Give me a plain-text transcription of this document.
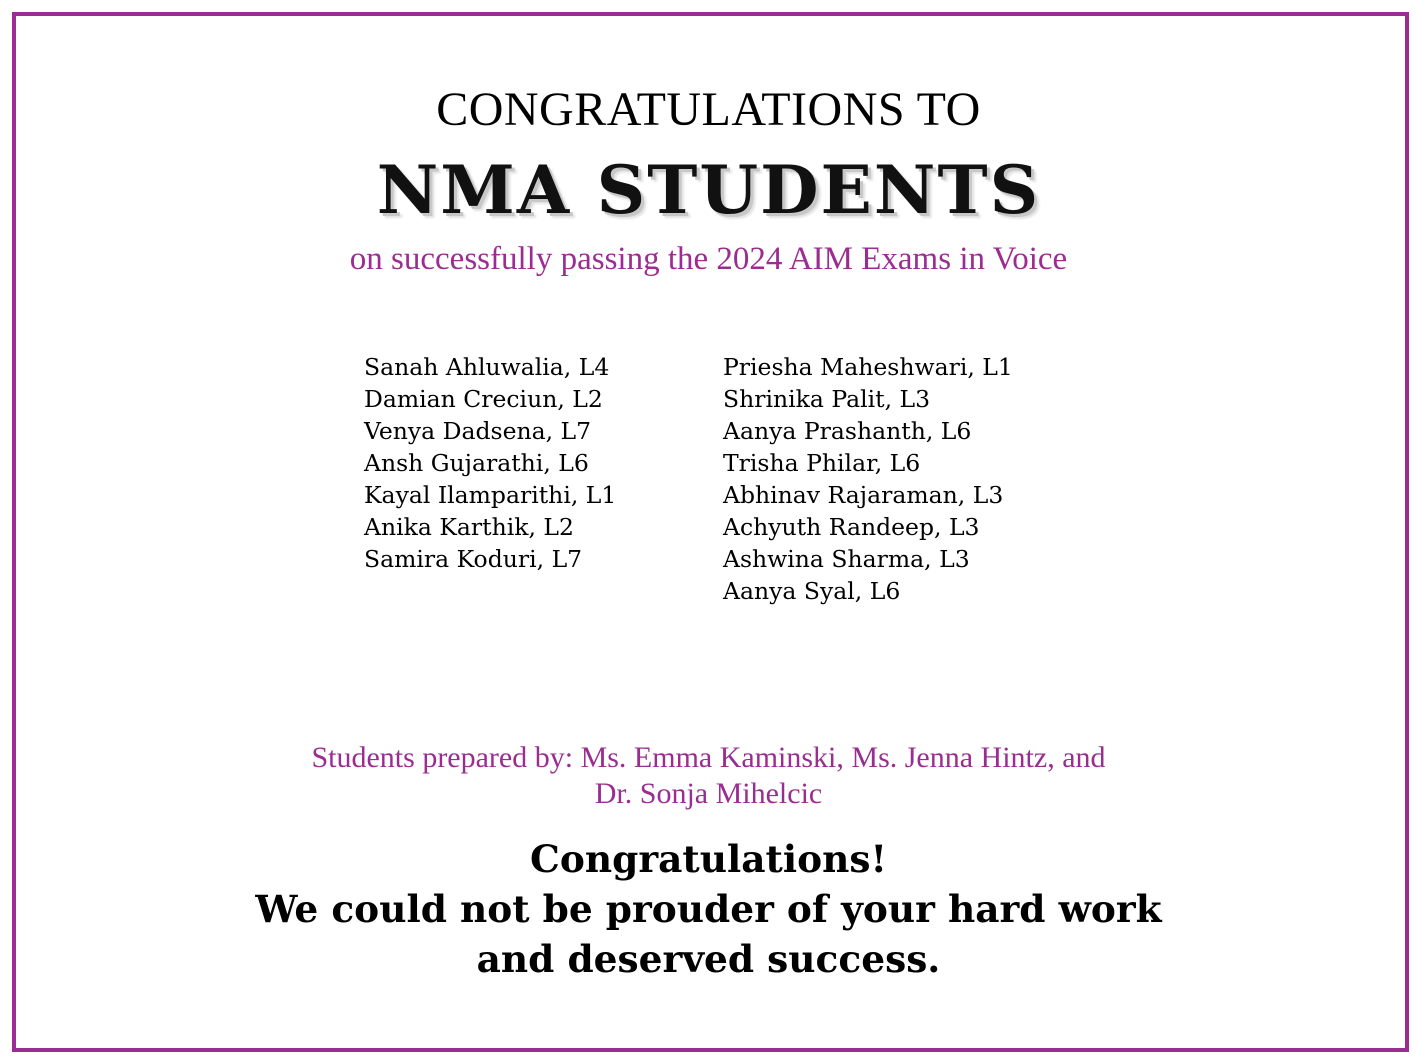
CONGRATULATIONS TO
NMA STUDENTS
on successfully passing the 2024 AIM Exams in Voice
Sanah Ahluwalia, L4
Damian Creciun, L2
Venya Dadsena, L7
Ansh Gujarathi, L6
Kayal Ilamparithi, L1
Anika Karthik, L2
Samira Koduri, L7
Priesha Maheshwari, L1
Shrinika Palit, L3
Aanya Prashanth, L6
Trisha Philar, L6
Abhinav Rajaraman, L3
Achyuth Randeep, L3
Ashwina Sharma, L3
Aanya Syal, L6
Students prepared by: Ms. Emma Kaminski, Ms. Jenna Hintz, and
Dr. Sonja Mihelcic
Congratulations!
We could not be prouder of your hard work
and deserved success.
